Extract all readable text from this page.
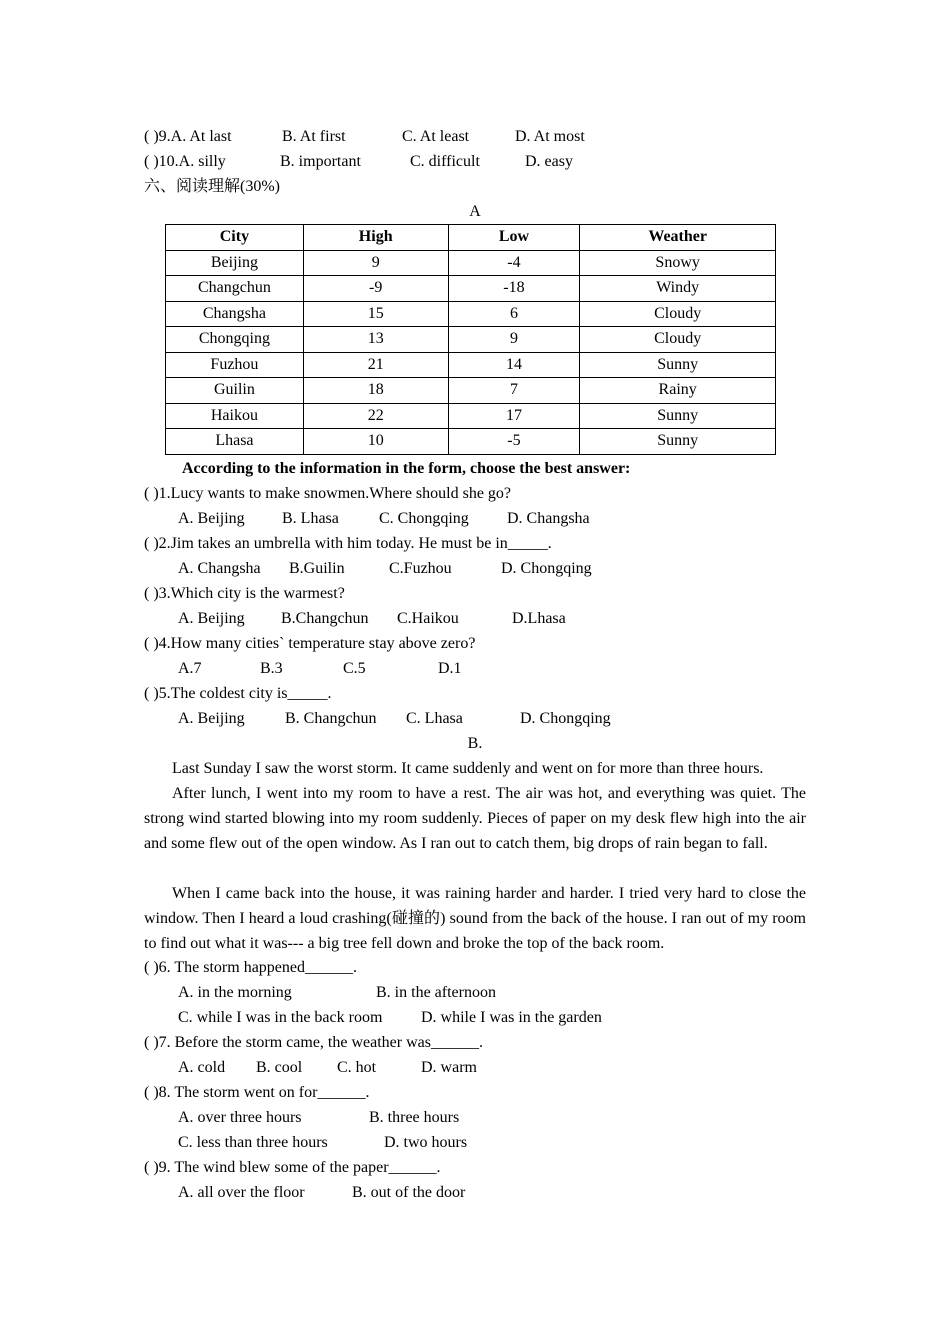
( )9.A. At last	B. At first	C. At least	D. At most
( )10.A. silly	B. important	C. difficult	D. easy
六、阅读理解(30%)
A
City	High	Low	Weather
Beijing	9	-4	Snowy
Changchun	-9	-18	Windy
Changsha	15	6	Cloudy
Chongqing	13	9	Cloudy
Fuzhou	21	14	Sunny
Guilin	18	7	Rainy
Haikou	22	17	Sunny
Lhasa	10	-5	Sunny
According to the information in the form, choose the best answer:
( )1.Lucy wants to make snowmen.Where should she go?
A. Beijing B. Lhasa	C. Chongqing D. Changsha
( )2.Jim takes an umbrella with him today. He must be in_____.
A. Changsha B.Guilin	C.Fuzhou	D. Chongqing
( )3.Which city is the warmest?
A. Beijing B.Changchun C.Haikou	D.Lhasa
( )4.How many cities` temperature stay above zero?
A.7	B.3	C.5	D.1
( )5.The coldest city is_____.
A. Beijing	B. Changchun C. Lhasa	D. Chongqing
B.
Last Sunday I saw the worst storm. It came suddenly and went on for more than three hours.
After lunch, I went into my room to have a rest. The air was hot, and everything was quiet. The strong wind started blowing into my room suddenly. Pieces of paper on my desk flew high into the air and some flew out of the open window. As I ran out to catch them, big drops of rain began to fall.
When I came back into the house, it was raining harder and harder. I tried very hard to close the window. Then I heard a loud crashing(碰撞的) sound from the back of the house. I ran out of my room to find out what it was--- a big tree fell down and broke the top of the back room.
( )6. The storm happened______.
A. in the morning	B. in the afternoon
C. while I was in the back room D. while I was in the garden
( )7. Before the storm came, the weather was______.
A. cold B. cool C. hot	D. warm
( )8. The storm went on for______.
A. over three hours	B. three hours
C. less than three hours	D. two hours
( )9. The wind blew some of the paper______.
A. all over the floor	B. out of the door
